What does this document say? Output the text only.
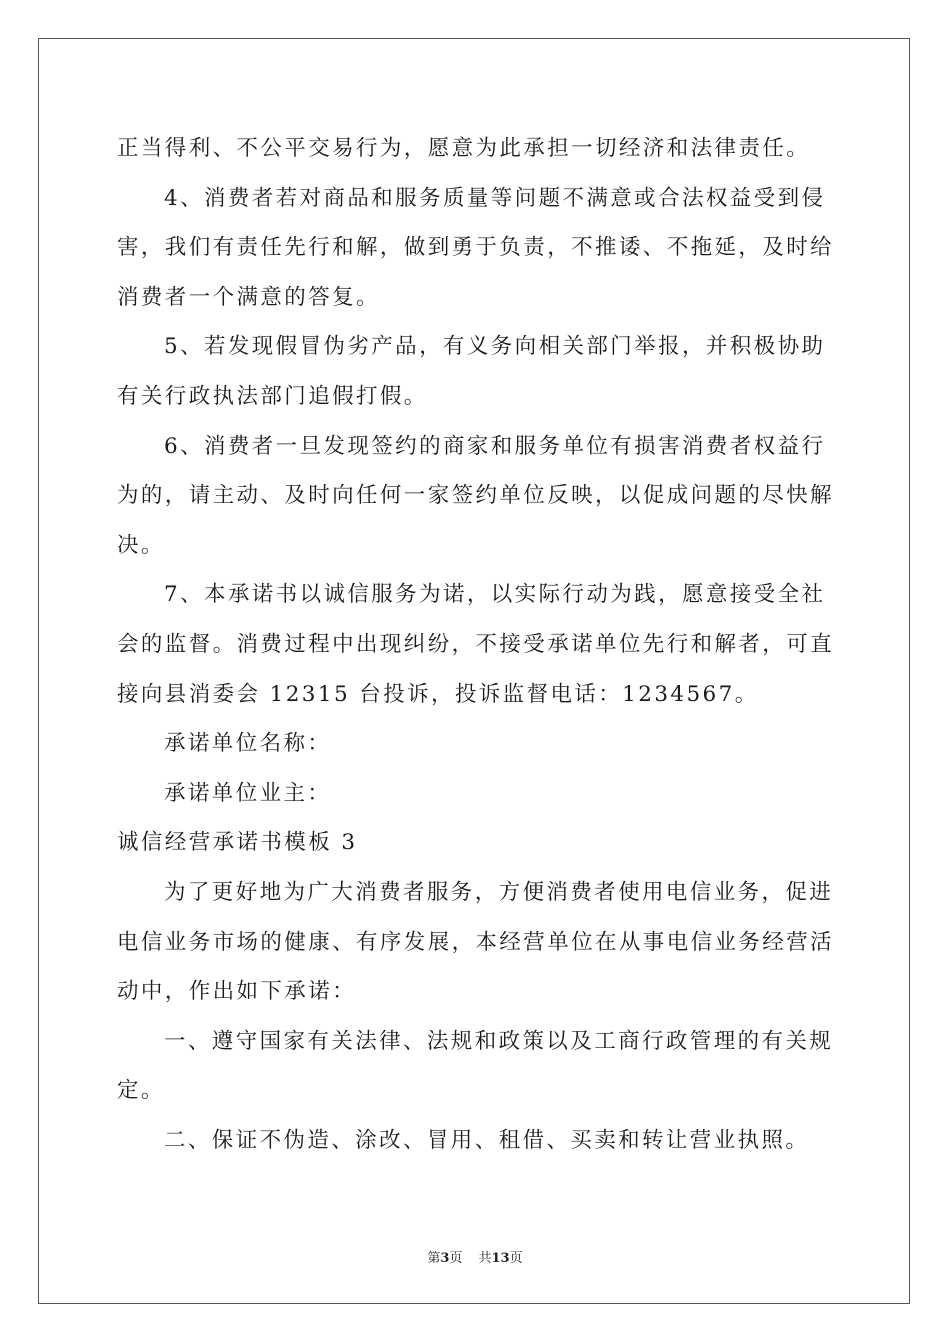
正当得利、不公平交易行为，愿意为此承担一切经济和法律责任。
4、消费者若对商品和服务质量等问题不满意或合法权益受到侵
害，我们有责任先行和解，做到勇于负责，不推诿、不拖延，及时给
消费者一个满意的答复。
5、若发现假冒伪劣产品，有义务向相关部门举报，并积极协助
有关行政执法部门追假打假。
6、消费者一旦发现签约的商家和服务单位有损害消费者权益行
为的，请主动、及时向任何一家签约单位反映，以促成问题的尽快解
决。
7、本承诺书以诚信服务为诺，以实际行动为践，愿意接受全社
会的监督。消费过程中出现纠纷，不接受承诺单位先行和解者，可直
接向县消委会 12315 台投诉，投诉监督电话：1234567。
承诺单位名称：
承诺单位业主：
诚信经营承诺书模板 3
为了更好地为广大消费者服务，方便消费者使用电信业务，促进
电信业务市场的健康、有序发展，本经营单位在从事电信业务经营活
动中，作出如下承诺：
一、遵守国家有关法律、法规和政策以及工商行政管理的有关规
定。
二、保证不伪造、涂改、冒用、租借、买卖和转让营业执照。
第3页 共13页
